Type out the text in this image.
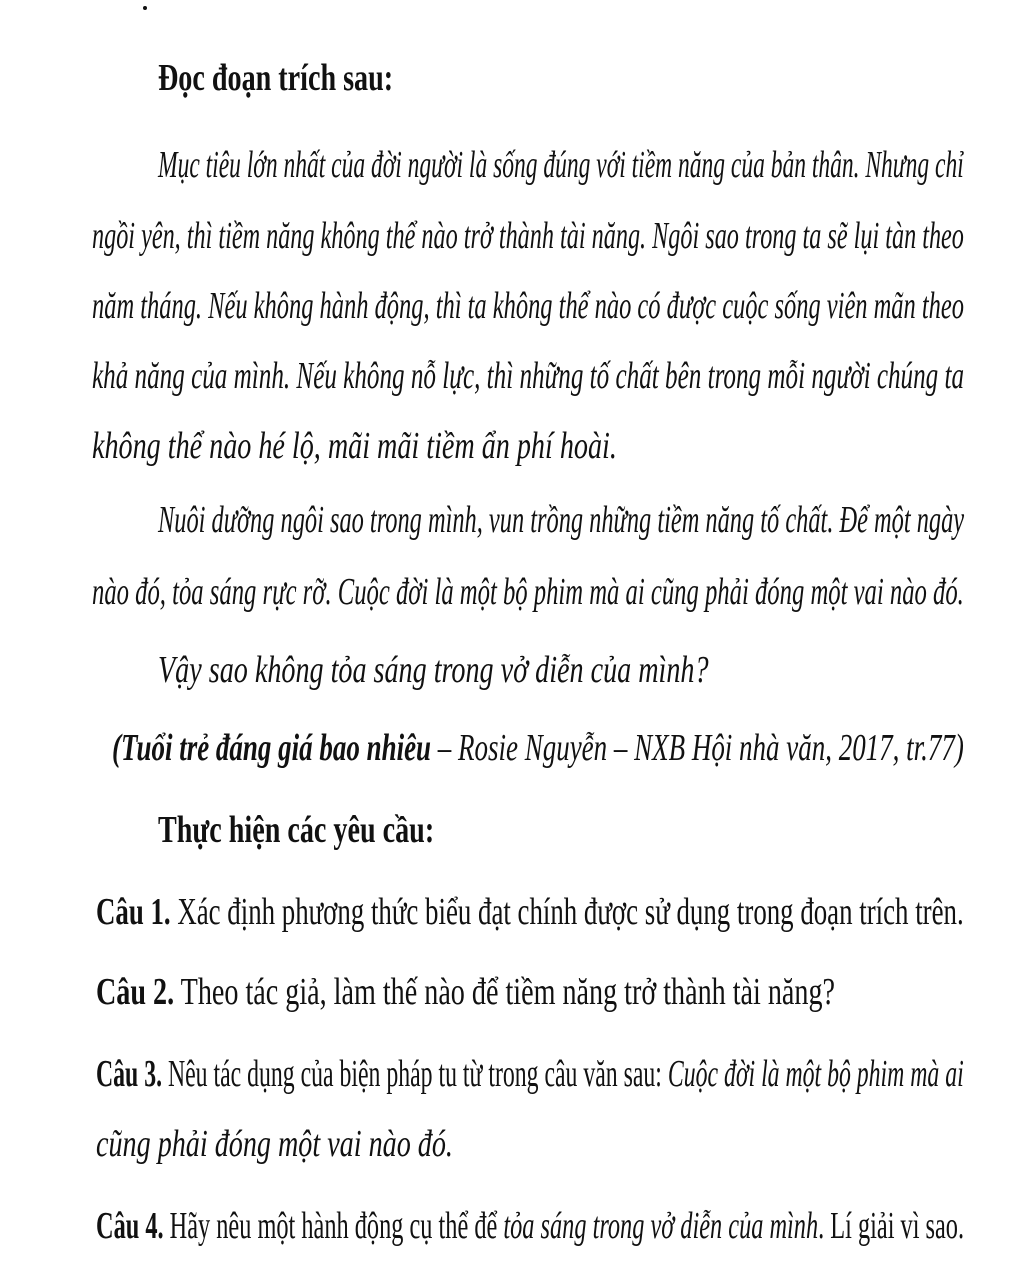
Đọc đoạn trích sau:
Mục tiêu lớn nhất của đời người là sống đúng với tiềm năng của bản thân. Nhưng chỉ
ngồi yên, thì tiềm năng không thể nào trở thành tài năng. Ngôi sao trong ta sẽ lụi tàn theo
năm tháng. Nếu không hành động, thì ta không thể nào có được cuộc sống viên mãn theo
khả năng của mình. Nếu không nỗ lực, thì những tố chất bên trong mỗi người chúng ta
không thể nào hé lộ, mãi mãi tiềm ẩn phí hoài.
Nuôi dưỡng ngôi sao trong mình, vun trồng những tiềm năng tố chất. Để một ngày
nào đó, tỏa sáng rực rỡ. Cuộc đời là một bộ phim mà ai cũng phải đóng một vai nào đó.
Vậy sao không tỏa sáng trong vở diễn của mình?
(Tuổi trẻ đáng giá bao nhiêu – Rosie Nguyễn – NXB Hội nhà văn, 2017, tr.77)
Thực hiện các yêu cầu:
Câu 1. Xác định phương thức biểu đạt chính được sử dụng trong đoạn trích trên.
Câu 2. Theo tác giả, làm thế nào để tiềm năng trở thành tài năng?
Câu 3. Nêu tác dụng của biện pháp tu từ trong câu văn sau: Cuộc đời là một bộ phim mà ai
cũng phải đóng một vai nào đó.
Câu 4. Hãy nêu một hành động cụ thể để tỏa sáng trong vở diễn của mình. Lí giải vì sao.
